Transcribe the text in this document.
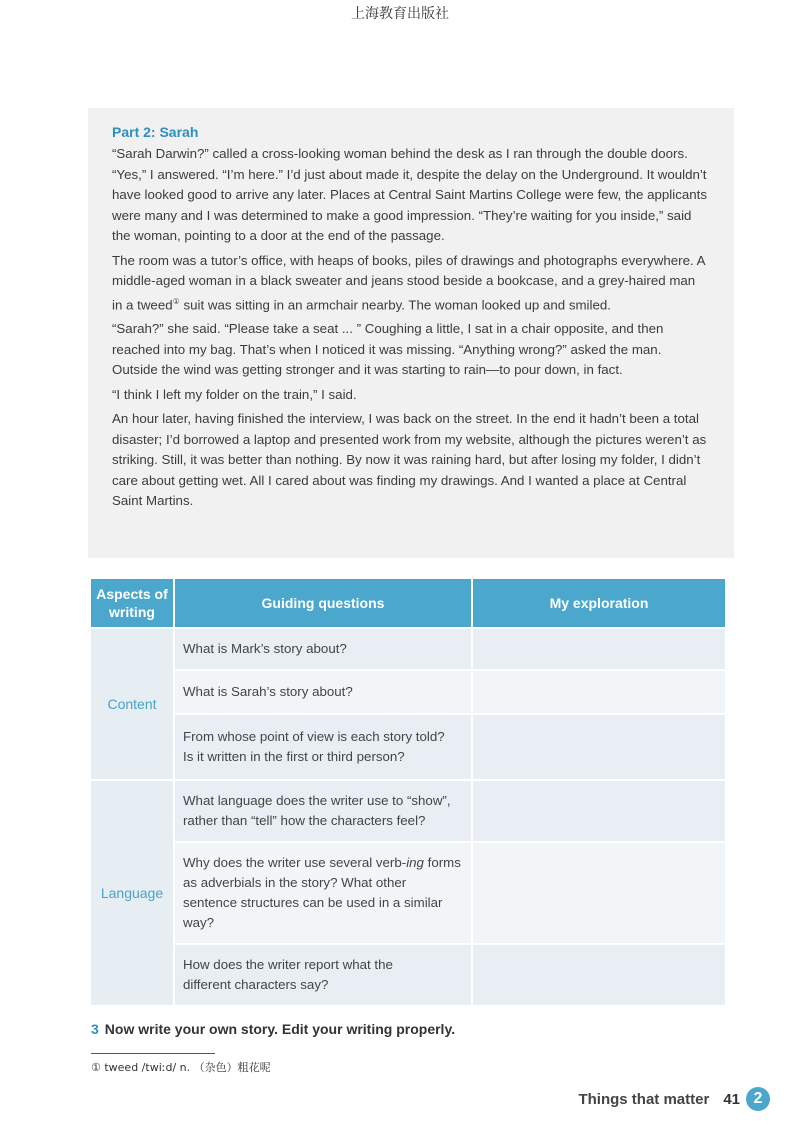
上海教育出版社
Part 2: Sarah

“Sarah Darwin?” called a cross-looking woman behind the desk as I ran through the double doors. “Yes,” I answered. “I’m here.” I’d just about made it, despite the delay on the Underground. It wouldn’t have looked good to arrive any later. Places at Central Saint Martins College were few, the applicants were many and I was determined to make a good impression. “They’re waiting for you inside,” said the woman, pointing to a door at the end of the passage.

The room was a tutor’s office, with heaps of books, piles of drawings and photographs everywhere. A middle-aged woman in a black sweater and jeans stood beside a bookcase, and a grey-haired man in a tweed① suit was sitting in an armchair nearby. The woman looked up and smiled.

“Sarah?” she said. “Please take a seat ... ” Coughing a little, I sat in a chair opposite, and then reached into my bag. That’s when I noticed it was missing. “Anything wrong?” asked the man. Outside the wind was getting stronger and it was starting to rain—to pour down, in fact.

“I think I left my folder on the train,” I said.

An hour later, having finished the interview, I was back on the street. In the end it hadn’t been a total disaster; I’d borrowed a laptop and presented work from my website, although the pictures weren’t as striking. Still, it was better than nothing. By now it was raining hard, but after losing my folder, I didn’t care about getting wet. All I cared about was finding my drawings. And I wanted a place at Central Saint Martins.

Aspects of
writing	Guiding questions	My exploration
Content	What is Mark’s story about?	
	What is Sarah’s story about?	
	From whose point of view is each story told?
Is it written in the first or third person?	
Language	What language does the writer use to “show”,
rather than “tell” how the characters feel?	
	Why does the writer use several verb-ing forms as adverbials in the story? What other sentence structures can be used in a similar way?	
	How does the writer report what the
different characters say?	
3 Now write your own story. Edit your writing properly.
① tweed /twiːd/ n. （杂色）粗花呢
Things that matter 41 2
